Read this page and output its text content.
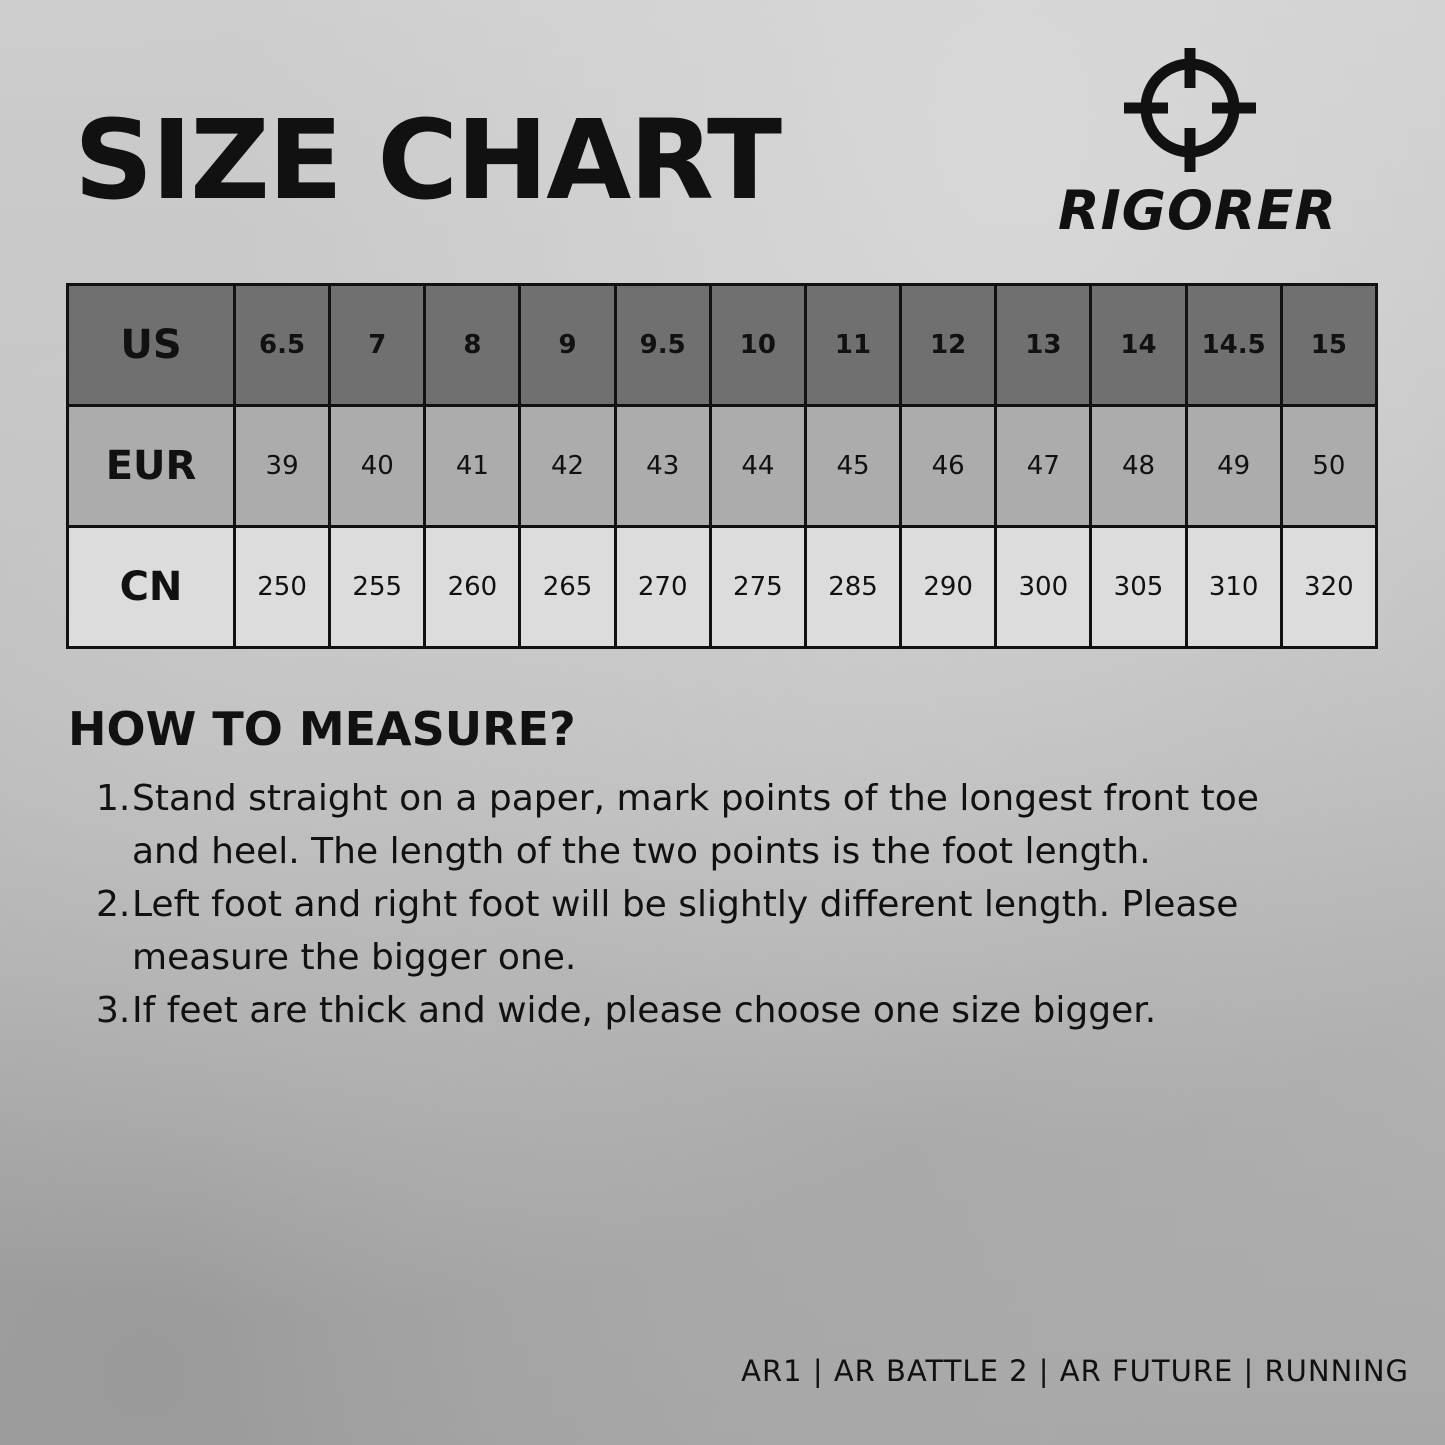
SIZE CHART	RIGORER
US	6.5	7	8	9	9.5	10	11	12	13	14	14.5	15
EUR	39	40	41	42	43	44	45	46	47	48	49	50
CN	250	255	260	265	270	275	285	290	300	305	310	320
HOW TO MEASURE?
1. Stand straight on a paper, mark points of the longest front toe and heel. The length of the two points is the foot length.
2. Left foot and right foot will be slightly different length. Please measure the bigger one.
3. If feet are thick and wide, please choose one size bigger.
AR1 | AR BATTLE 2 | AR FUTURE | RUNNING
